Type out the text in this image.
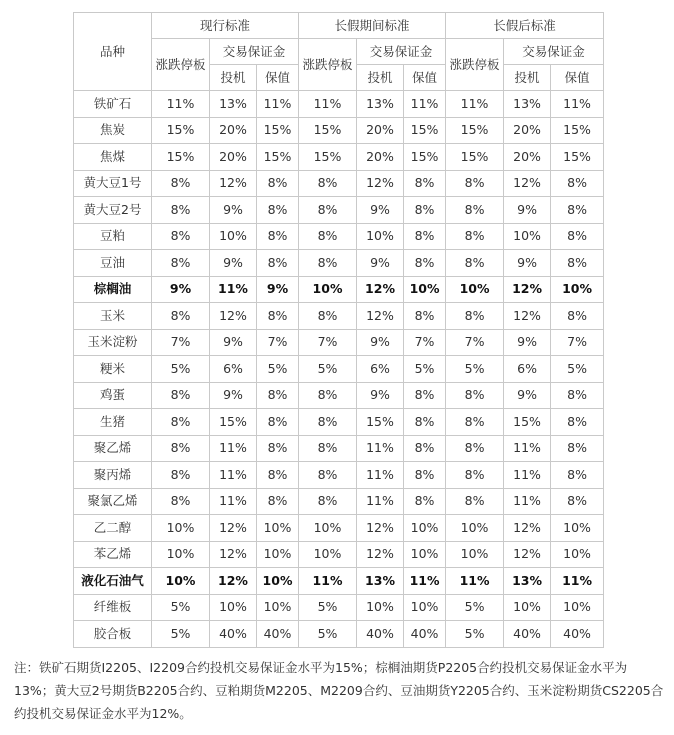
品种	现行标准			长假期间标准			长假后标准		
	涨跌停板	交易保证金		涨跌停板	交易保证金		涨跌停板	交易保证金	
		投机	保值		投机	保值		投机	保值
铁矿石	11%	13%	11%	11%	13%	11%	11%	13%	11%
焦炭	15%	20%	15%	15%	20%	15%	15%	20%	15%
焦煤	15%	20%	15%	15%	20%	15%	15%	20%	15%
黄大豆1号	8%	12%	8%	8%	12%	8%	8%	12%	8%
黄大豆2号	8%	9%	8%	8%	9%	8%	8%	9%	8%
豆粕	8%	10%	8%	8%	10%	8%	8%	10%	8%
豆油	8%	9%	8%	8%	9%	8%	8%	9%	8%
棕榈油	9%	11%	9%	10%	12%	10%	10%	12%	10%
玉米	8%	12%	8%	8%	12%	8%	8%	12%	8%
玉米淀粉	7%	9%	7%	7%	9%	7%	7%	9%	7%
粳米	5%	6%	5%	5%	6%	5%	5%	6%	5%
鸡蛋	8%	9%	8%	8%	9%	8%	8%	9%	8%
生猪	8%	15%	8%	8%	15%	8%	8%	15%	8%
聚乙烯	8%	11%	8%	8%	11%	8%	8%	11%	8%
聚丙烯	8%	11%	8%	8%	11%	8%	8%	11%	8%
聚氯乙烯	8%	11%	8%	8%	11%	8%	8%	11%	8%
乙二醇	10%	12%	10%	10%	12%	10%	10%	12%	10%
苯乙烯	10%	12%	10%	10%	12%	10%	10%	12%	10%
液化石油气	10%	12%	10%	11%	13%	11%	11%	13%	11%
纤维板	5%	10%	10%	5%	10%	10%	5%	10%	10%
胶合板	5%	40%	40%	5%	40%	40%	5%	40%	40%

注：铁矿石期货I2205、I2209合约投机交易保证金水平为15%；棕榈油期货P2205合约投机交易保证金水平为13%；黄大豆2号期货B2205合约、豆粕期货M2205、M2209合约、豆油期货Y2205合约、玉米淀粉期货CS2205合约投机交易保证金水平为12%。
